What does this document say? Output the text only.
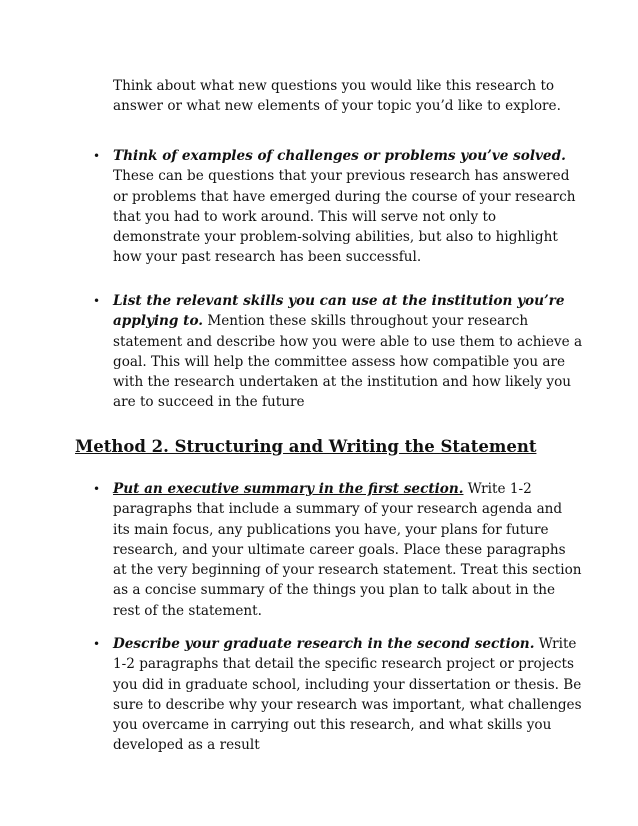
Think about what new questions you would like this research to answer or what new elements of your topic you’d like to explore.

• Think of examples of challenges or problems you’ve solved. These can be questions that your previous research has answered or problems that have emerged during the course of your research that you had to work around. This will serve not only to demonstrate your problem-solving abilities, but also to highlight how your past research has been successful.
• List the relevant skills you can use at the institution you’re applying to. Mention these skills throughout your research statement and describe how you were able to use them to achieve a goal. This will help the committee assess how compatible you are with the research undertaken at the institution and how likely you are to succeed in the future
Method 2. Structuring and Writing the Statement
• Put an executive summary in the first section. Write 1-2 paragraphs that include a summary of your research agenda and its main focus, any publications you have, your plans for future research, and your ultimate career goals. Place these paragraphs at the very beginning of your research statement. Treat this section as a concise summary of the things you plan to talk about in the rest of the statement.
• Describe your graduate research in the second section. Write 1-2 paragraphs that detail the specific research project or projects you did in graduate school, including your dissertation or thesis. Be sure to describe why your research was important, what challenges you overcame in carrying out this research, and what skills you developed as a result
